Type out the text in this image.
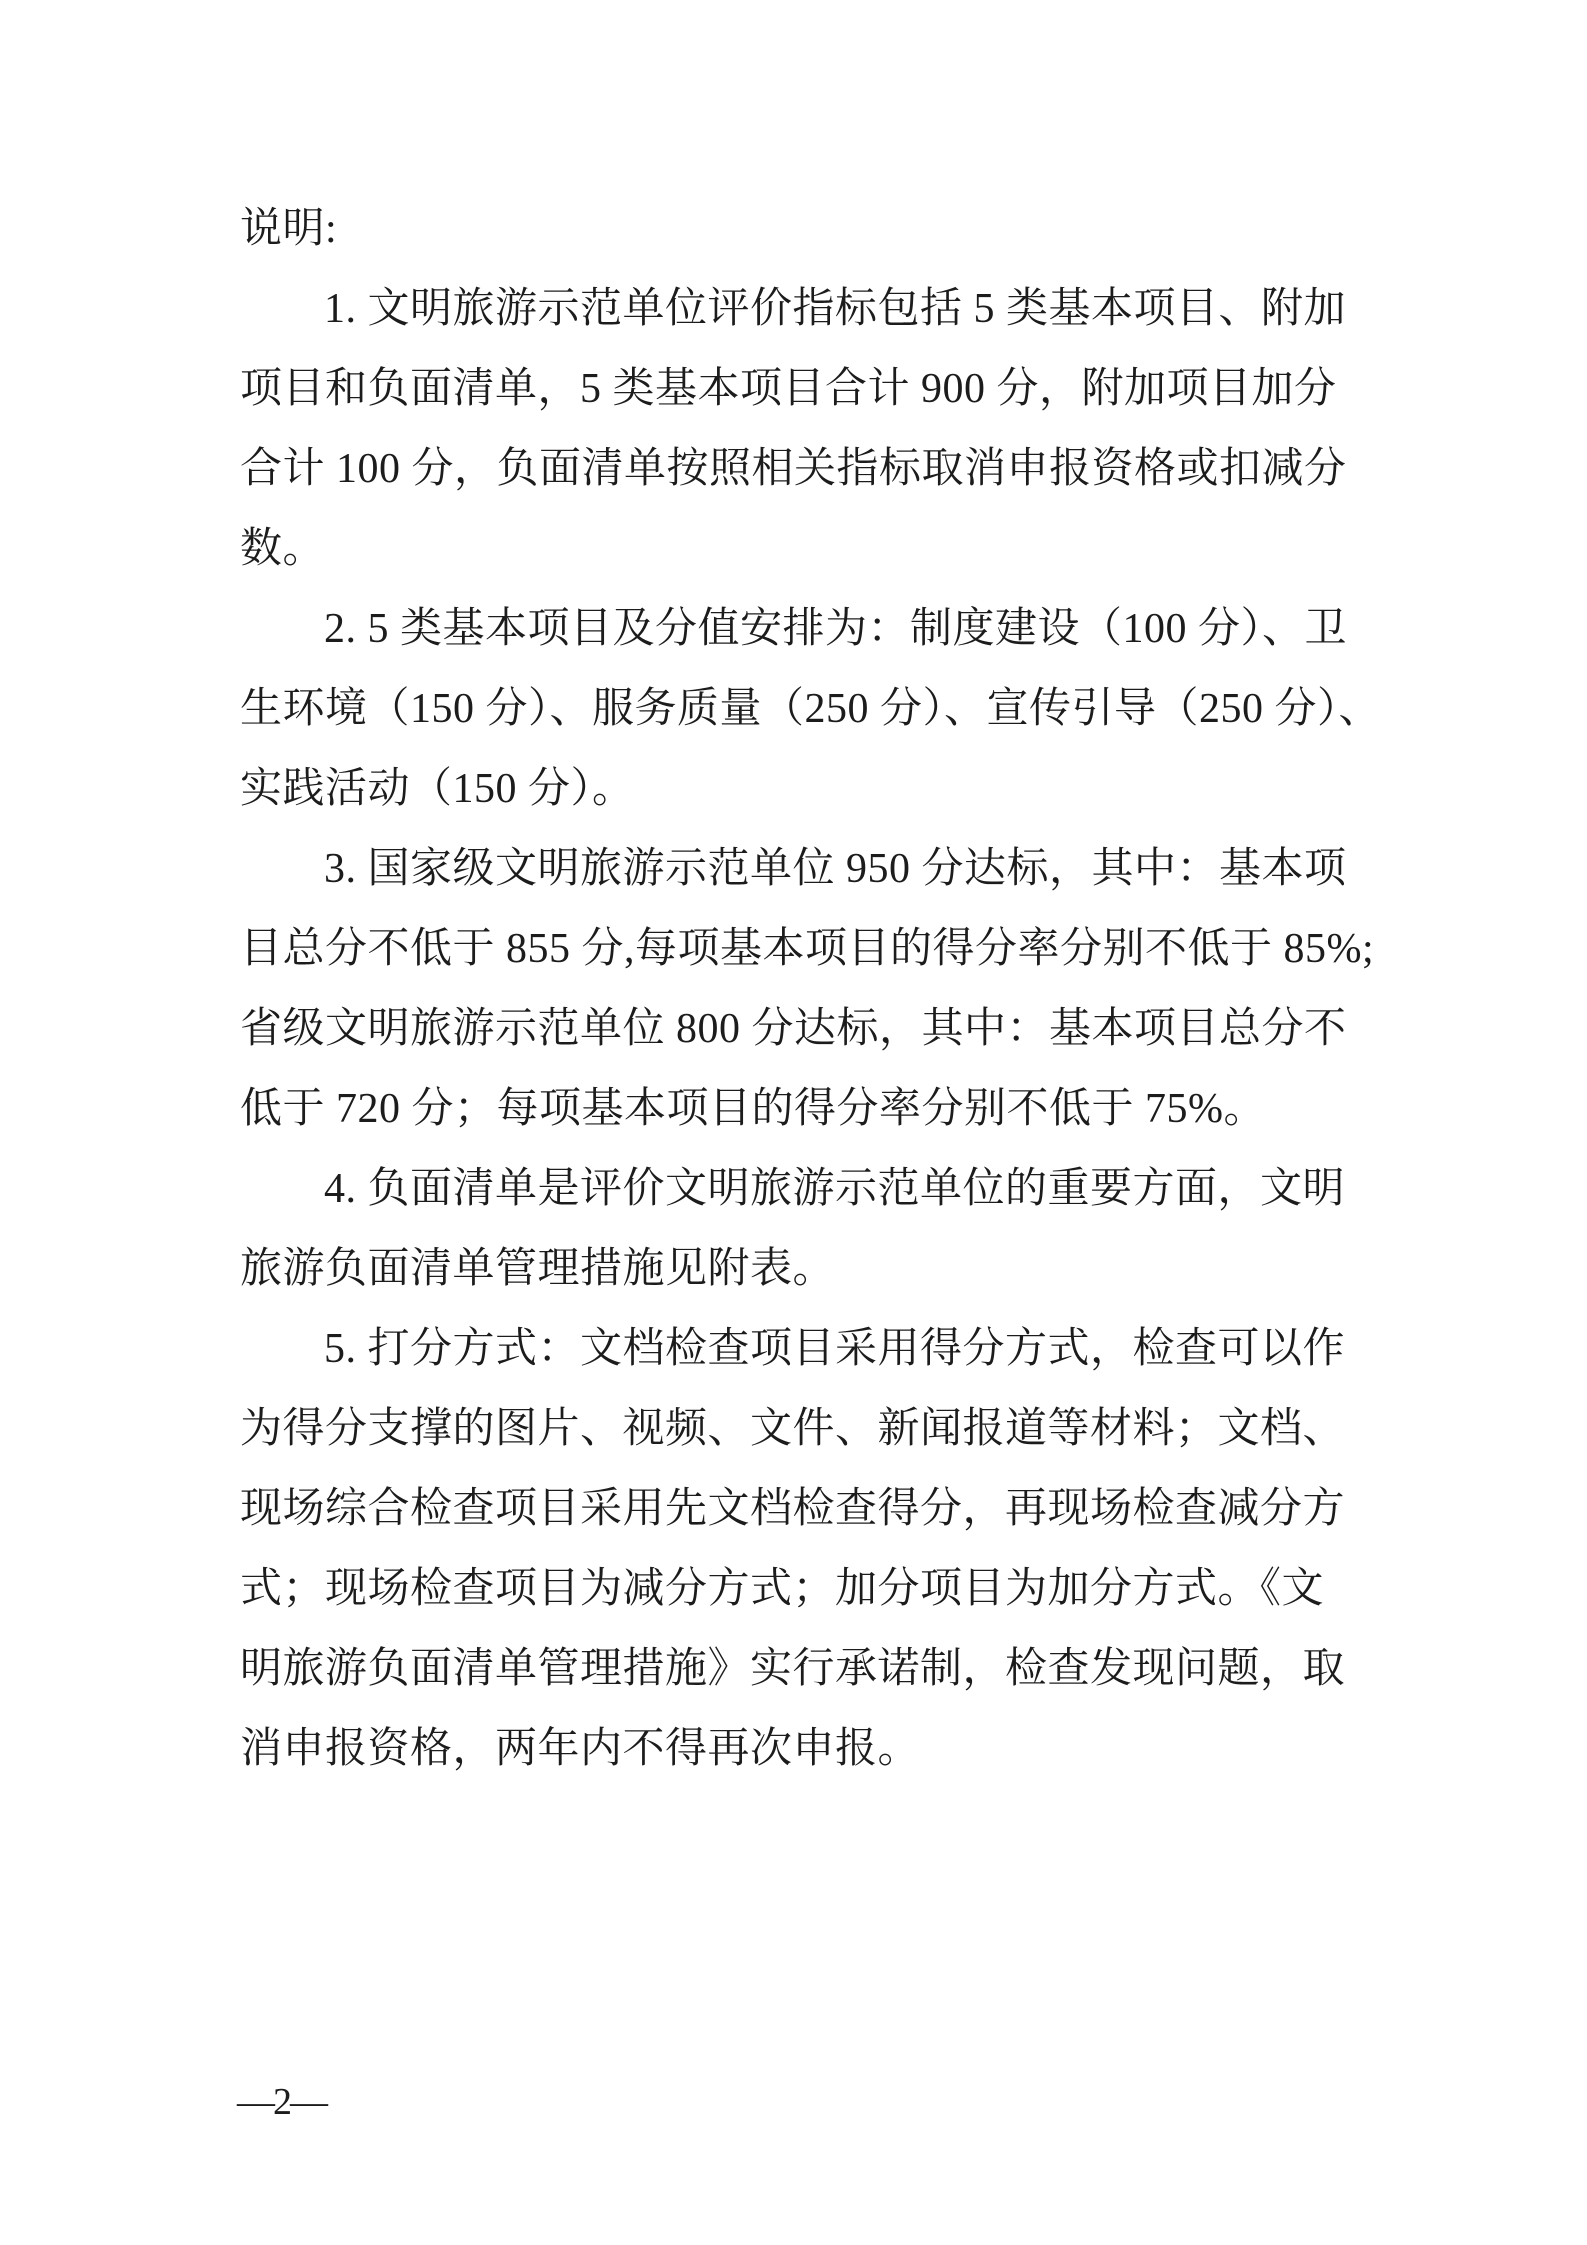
说明:
1. 文明旅游示范单位评价指标包括 5 类基本项目、附加
项目和负面清单，5 类基本项目合计 900 分，附加项目加分
合计 100 分，负面清单按照相关指标取消申报资格或扣减分
数。
2. 5 类基本项目及分值安排为：制度建设（100 分）、卫
生环境（150 分）、服务质量（250 分）、宣传引导（250 分）、
实践活动（150 分）。
3. 国家级文明旅游示范单位 950 分达标，其中：基本项
目总分不低于 855 分,每项基本项目的得分率分别不低于 85%;
省级文明旅游示范单位 800 分达标，其中：基本项目总分不
低于 720 分；每项基本项目的得分率分别不低于 75%。
4. 负面清单是评价文明旅游示范单位的重要方面，文明
旅游负面清单管理措施见附表。
5. 打分方式：文档检查项目采用得分方式，检查可以作
为得分支撑的图片、视频、文件、新闻报道等材料；文档、
现场综合检查项目采用先文档检查得分，再现场检查减分方
式；现场检查项目为减分方式；加分项目为加分方式。《文
明旅游负面清单管理措施》实行承诺制，检查发现问题，取
消申报资格，两年内不得再次申报。
—2—
